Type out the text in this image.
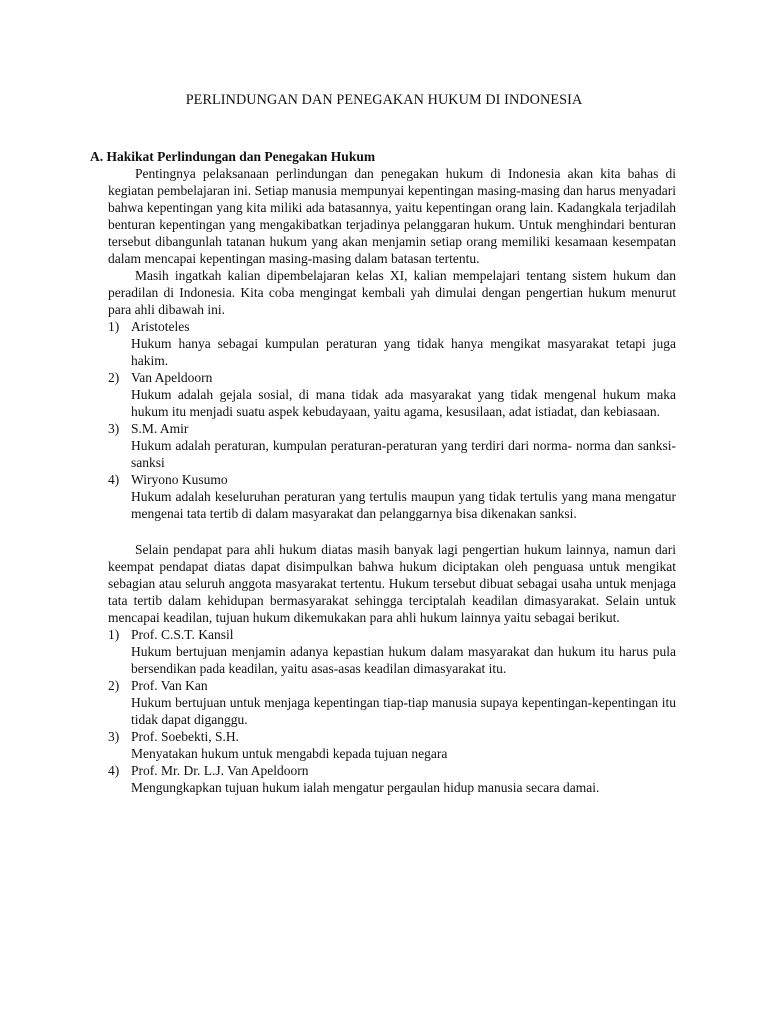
PERLINDUNGAN DAN PENEGAKAN HUKUM DI INDONESIA

A. Hakikat Perlindungan dan Penegakan Hukum

Pentingnya pelaksanaan perlindungan dan penegakan hukum di Indonesia akan kita bahas di kegiatan pembelajaran ini. Setiap manusia mempunyai kepentingan masing-masing dan harus menyadari bahwa kepentingan yang kita miliki ada batasannya, yaitu kepentingan orang lain. Kadangkala terjadilah benturan kepentingan yang mengakibatkan terjadinya pelanggaran hukum. Untuk menghindari benturan tersebut dibangunlah tatanan hukum yang akan menjamin setiap orang memiliki kesamaan kesempatan dalam mencapai kepentingan masing-masing dalam batasan tertentu.

Masih ingatkah kalian dipembelajaran kelas XI, kalian mempelajari tentang sistem hukum dan peradilan di Indonesia. Kita coba mengingat kembali yah dimulai dengan pengertian hukum menurut para ahli dibawah ini.

1) Aristoteles
Hukum hanya sebagai kumpulan peraturan yang tidak hanya mengikat masyarakat tetapi juga hakim.
2) Van Apeldoorn
Hukum adalah gejala sosial, di mana tidak ada masyarakat yang tidak mengenal hukum maka hukum itu menjadi suatu aspek kebudayaan, yaitu agama, kesusilaan, adat istiadat, dan kebiasaan.
3) S.M. Amir
Hukum adalah peraturan, kumpulan peraturan-peraturan yang terdiri dari norma- norma dan sanksi-sanksi
4) Wiryono Kusumo
Hukum adalah keseluruhan peraturan yang tertulis maupun yang tidak tertulis yang mana mengatur mengenai tata tertib di dalam masyarakat dan pelanggarnya bisa dikenakan sanksi.

Selain pendapat para ahli hukum diatas masih banyak lagi pengertian hukum lainnya, namun dari keempat pendapat diatas dapat disimpulkan bahwa hukum diciptakan oleh penguasa untuk mengikat sebagian atau seluruh anggota masyarakat tertentu. Hukum tersebut dibuat sebagai usaha untuk menjaga tata tertib dalam kehidupan bermasyarakat sehingga terciptalah keadilan dimasyarakat. Selain untuk mencapai keadilan, tujuan hukum dikemukakan para ahli hukum lainnya yaitu sebagai berikut.

1) Prof. C.S.T. Kansil
Hukum bertujuan menjamin adanya kepastian hukum dalam masyarakat dan hukum itu harus pula bersendikan pada keadilan, yaitu asas-asas keadilan dimasyarakat itu.
2) Prof. Van Kan
Hukum bertujuan untuk menjaga kepentingan tiap-tiap manusia supaya kepentingan-kepentingan itu tidak dapat diganggu.
3) Prof. Soebekti, S.H.
Menyatakan hukum untuk mengabdi kepada tujuan negara
4) Prof. Mr. Dr. L.J. Van Apeldoorn
Mengungkapkan tujuan hukum ialah mengatur pergaulan hidup manusia secara damai.
